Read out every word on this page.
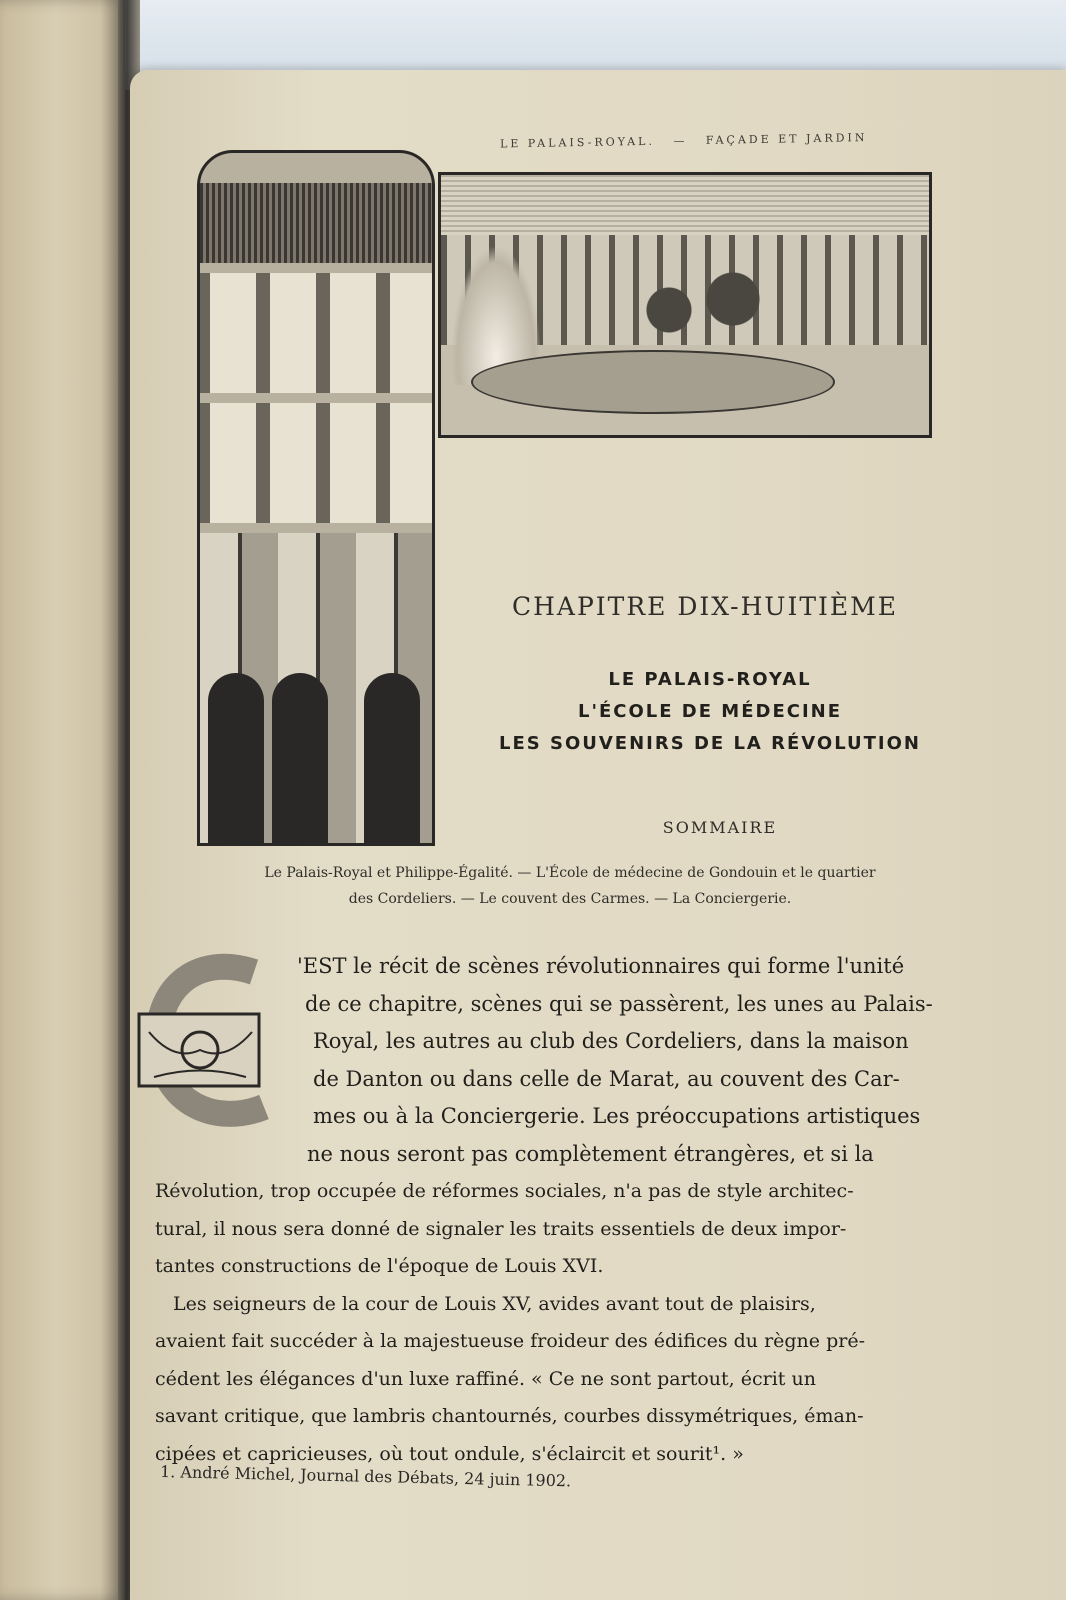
LE PALAIS-ROYAL. — FAÇADE ET JARDIN
CHAPITRE DIX-HUITIÈME
LE PALAIS-ROYAL
L'ÉCOLE DE MÉDECINE
LES SOUVENIRS DE LA RÉVOLUTION
SOMMAIRE
Le Palais-Royal et Philippe-Égalité. — L'École de médecine de Gondouin et le quartier
des Cordeliers. — Le couvent des Carmes. — La Conciergerie.
'EST le récit de scènes révolutionnaires qui forme l'unité
de ce chapitre, scènes qui se passèrent, les unes au Palais-
Royal, les autres au club des Cordeliers, dans la maison
de Danton ou dans celle de Marat, au couvent des Car-
mes ou à la Conciergerie. Les préoccupations artistiques
ne nous seront pas complètement étrangères, et si la
Révolution, trop occupée de réformes sociales, n'a pas de style architec-
tural, il nous sera donné de signaler les traits essentiels de deux impor-
tantes constructions de l'époque de Louis XVI.
Les seigneurs de la cour de Louis XV, avides avant tout de plaisirs,
avaient fait succéder à la majestueuse froideur des édifices du règne pré-
cédent les élégances d'un luxe raffiné. « Ce ne sont partout, écrit un
savant critique, que lambris chantournés, courbes dissymétriques, éman-
cipées et capricieuses, où tout ondule, s'éclaircit et sourit¹. »
1. André Michel, Journal des Débats, 24 juin 1902.
